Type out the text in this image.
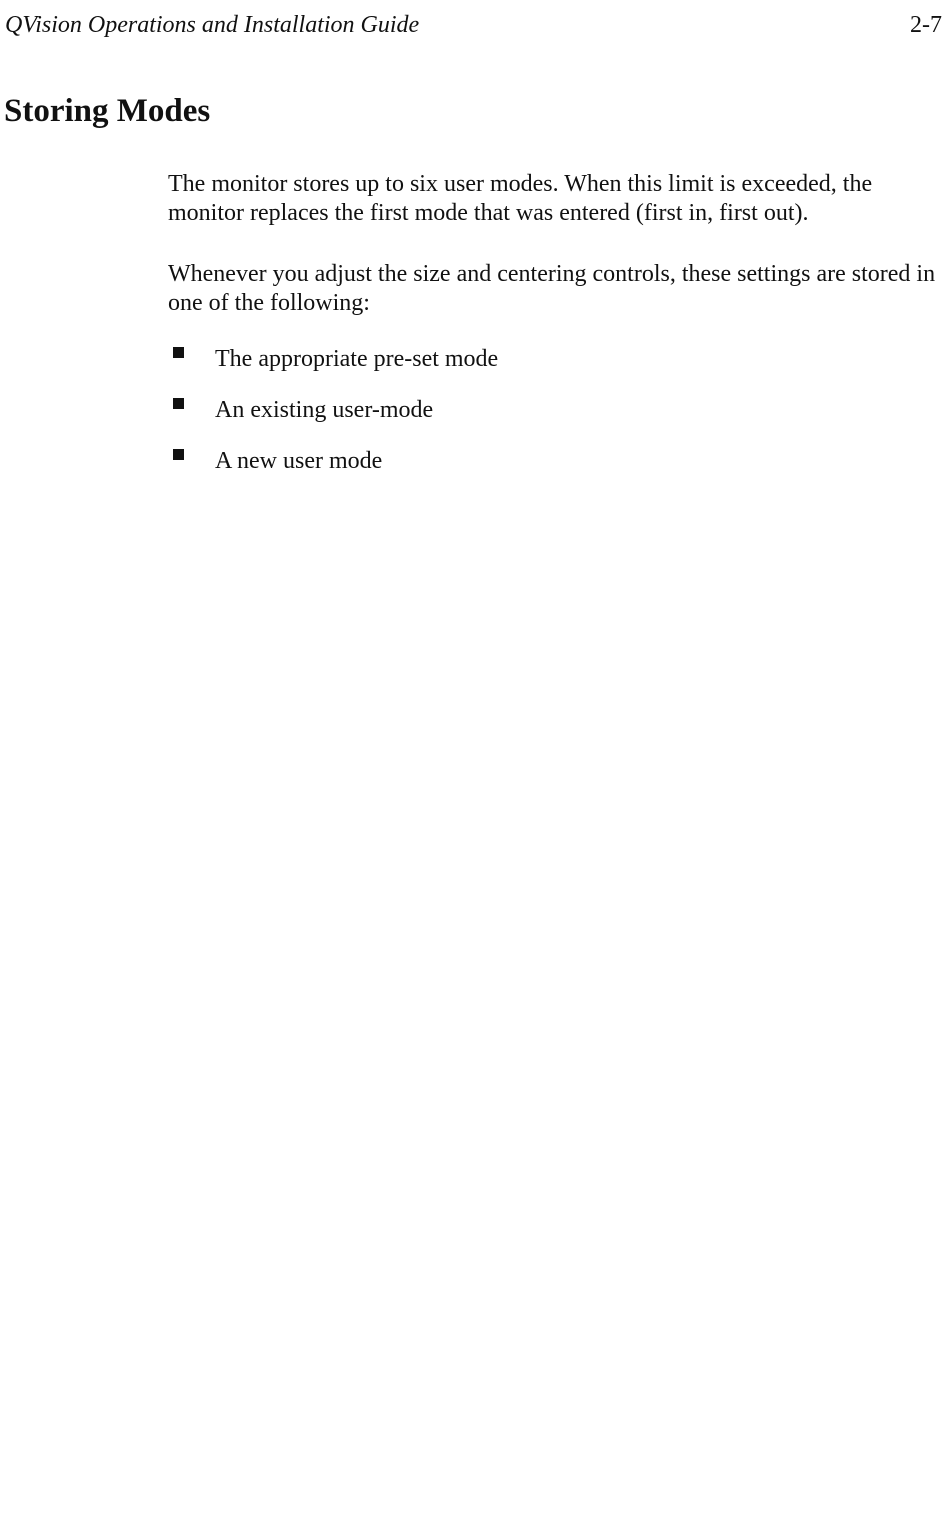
QVision Operations and Installation Guide	2-7
Storing Modes

The monitor stores up to six user modes. When this limit is exceeded, the monitor replaces the first mode that was entered (first in, first out).

Whenever you adjust the size and centering controls, these settings are stored in one of the following:

The appropriate pre-set mode
An existing user-mode
A new user mode
